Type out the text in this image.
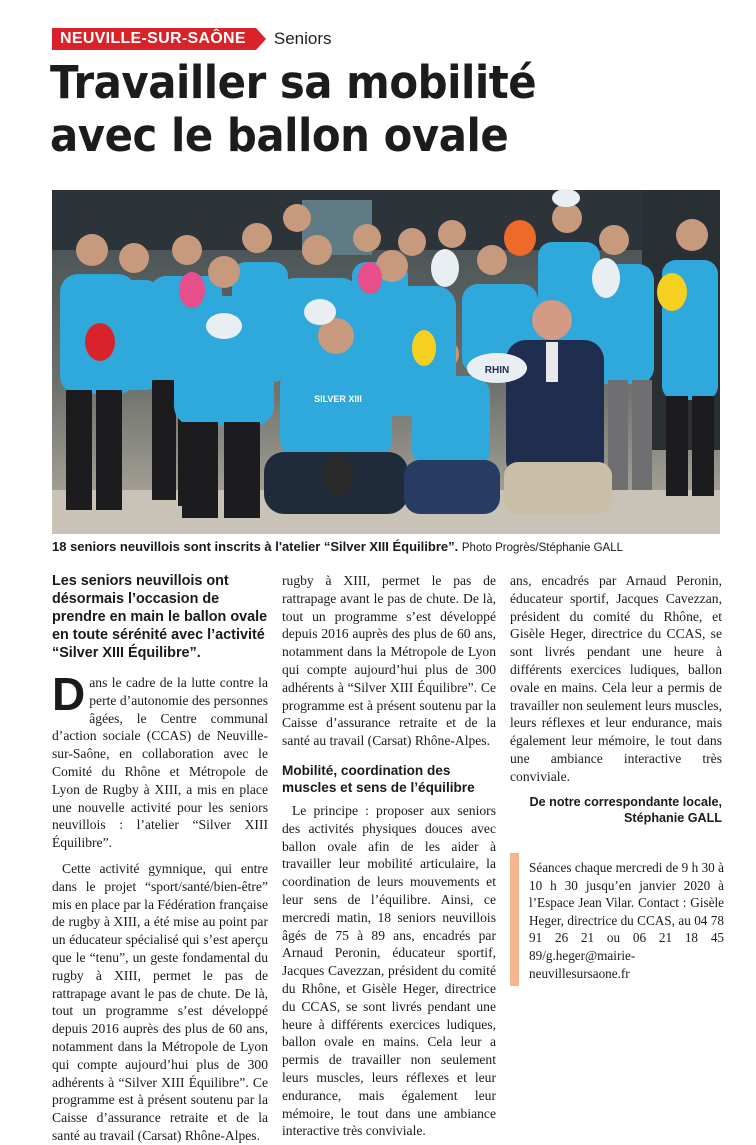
NEUVILLE-SUR-SAÔNE	Seniors
Travailler sa mobilité
avec le ballon ovale
RHIN
SILVER XIII
18 seniors neuvillois sont inscrits à l'atelier “Silver XIII Équilibre”. Photo Progrès/Stéphanie GALL

Les seniors neuvillois ont désormais l’occasion de prendre en main le ballon ovale en toute sérénité avec l’activité “Silver XIII Équilibre”.

Dans le cadre de la lutte contre la perte d’autonomie des personnes âgées, le Centre communal d’action sociale (CCAS) de Neuville-sur-Saône, en collaboration avec le Comité du Rhône et Métropole de Lyon de Rugby à XIII, a mis en place une nouvelle activité pour les seniors neuvillois : l’atelier “Silver XIII Équilibre”.

Cette activité gymnique, qui entre dans le projet “sport/santé/bien-être” mis en place par la Fédération française de rugby à XIII, a été mise au point par un éducateur spécialisé qui s’est aperçu que le “tenu”, un geste fondamental du rugby à XIII, permet le pas de rattrapage avant le pas de chute. De là, tout un programme s’est développé depuis 2016 auprès des plus de 60 ans, notamment dans la Métropole de Lyon qui compte aujourd’hui plus de 300 adhérents à “Silver XIII Équilibre”. Ce programme est à présent soutenu par la Caisse d’assurance retraite et de la santé au travail (Carsat) Rhône-Alpes.

rugby à XIII, permet le pas de rattrapage avant le pas de chute. De là, tout un programme s’est développé depuis 2016 auprès des plus de 60 ans, notamment dans la Métropole de Lyon qui compte aujourd’hui plus de 300 adhérents à “Silver XIII Équilibre”. Ce programme est à présent soutenu par la Caisse d’assurance retraite et de la santé au travail (Carsat) Rhône-Alpes.

Mobilité, coordination des muscles et sens de l’équilibre

Le principe : proposer aux seniors des activités physiques douces avec ballon ovale afin de les aider à travailler leur mobilité articulaire, la coordination de leurs mouvements et leur sens de l’équilibre. Ainsi, ce mercredi matin, 18 seniors neuvillois âgés de 75 à 89 ans, encadrés par Arnaud Peronin, éducateur sportif, Jacques Cavezzan, président du comité du Rhône, et Gisèle Heger, directrice du CCAS, se sont livrés pendant une heure à différents exercices ludiques, ballon ovale en mains. Cela leur a permis de travailler non seulement leurs muscles, leurs réflexes et leur endurance, mais également leur mémoire, le tout dans une ambiance interactive très conviviale.

ans, encadrés par Arnaud Peronin, éducateur sportif, Jacques Cavezzan, président du comité du Rhône, et Gisèle Heger, directrice du CCAS, se sont livrés pendant une heure à différents exercices ludiques, ballon ovale en mains. Cela leur a permis de travailler non seulement leurs muscles, leurs réflexes et leur endurance, mais également leur mémoire, le tout dans une ambiance interactive très conviviale.

De notre correspondante locale,
Stéphanie GALL

Séances chaque mercredi de 9 h 30 à 10 h 30 jusqu’en janvier 2020 à l’Espace Jean Vilar. Contact : Gisèle Heger, directrice du CCAS, au 04 78 91 26 21 ou 06 21 18 45 89/g.heger@mairie-neuvillesursaone.fr
